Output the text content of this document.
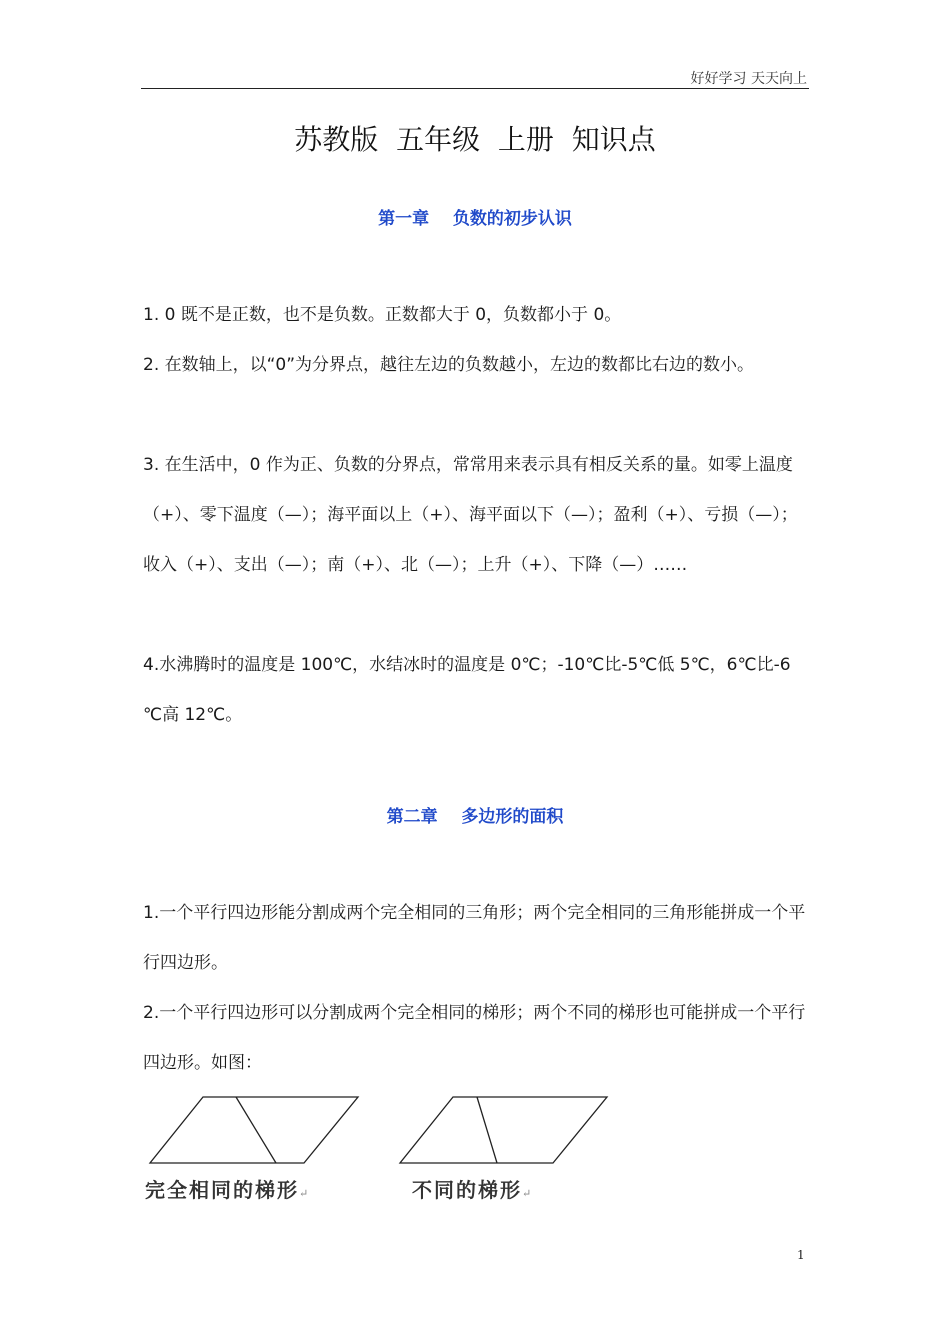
好好学习 天天向上
苏教版  五年级  上册  知识点
第一章    负数的初步认识
1. 0 既不是正数，也不是负数。正数都大于 0，负数都小于 0。
2. 在数轴上，以“0”为分界点，越往左边的负数越小，左边的数都比右边的数小。
3. 在生活中，0 作为正、负数的分界点，常常用来表示具有相反关系的量。如零上温度（+）、零下温度（—）；海平面以上（+）、海平面以下（—）；盈利（+）、亏损（—）；收入（+）、支出（—）；南（+）、北（—）；上升（+）、下降（—）……
4.水沸腾时的温度是 100℃，水结冰时的温度是 0℃；-10℃比-5℃低 5℃，6℃比-6 ℃高 12℃。
第二章    多边形的面积
1.一个平行四边形能分割成两个完全相同的三角形；两个完全相同的三角形能拼成一个平行四边形。
2.一个平行四边形可以分割成两个完全相同的梯形；两个不同的梯形也可能拼成一个平行四边形。如图：
完全相同的梯形↵	不同的梯形↵
1
